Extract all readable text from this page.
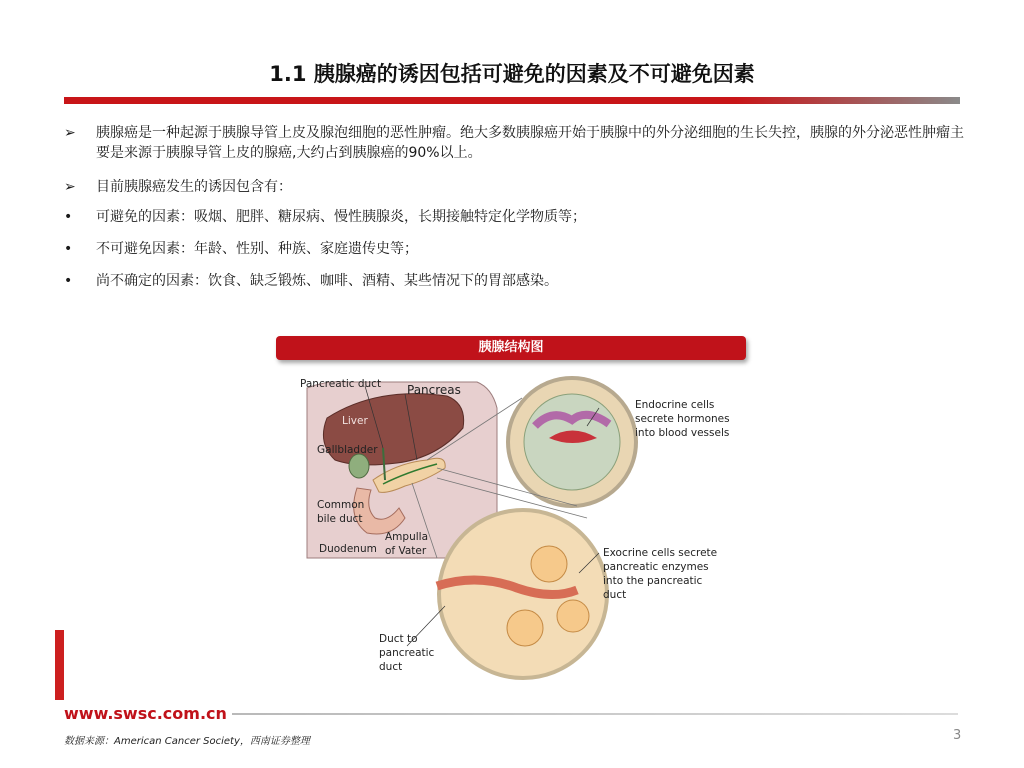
1.1 胰腺癌的诱因包括可避免的因素及不可避免因素
➢ 胰腺癌是一种起源于胰腺导管上皮及腺泡细胞的恶性肿瘤。绝大多数胰腺癌开始于胰腺中的外分泌细胞的生长失控，胰腺的外分泌恶性肿瘤主要是来源于胰腺导管上皮的腺癌,大约占到胰腺癌的90%以上。
➢ 目前胰腺癌发生的诱因包含有：
• 可避免的因素：吸烟、肥胖、糖尿病、慢性胰腺炎，长期接触特定化学物质等；
• 不可避免因素：年龄、性别、种族、家庭遗传史等；
• 尚不确定的因素：饮食、缺乏锻炼、咖啡、酒精、某些情况下的胃部感染。
胰腺结构图
Pancreatic duct Pancreas
Liver
Gallbladder
Common bile duct
Ampulla of Vater
Duodenum
Endocrine cells secrete hormones into blood vessels
Exocrine cells secrete pancreatic enzymes into the pancreatic duct
Duct to pancreatic duct
www.swsc.com.cn
数据来源：American Cancer Society，西南证券整理	3
